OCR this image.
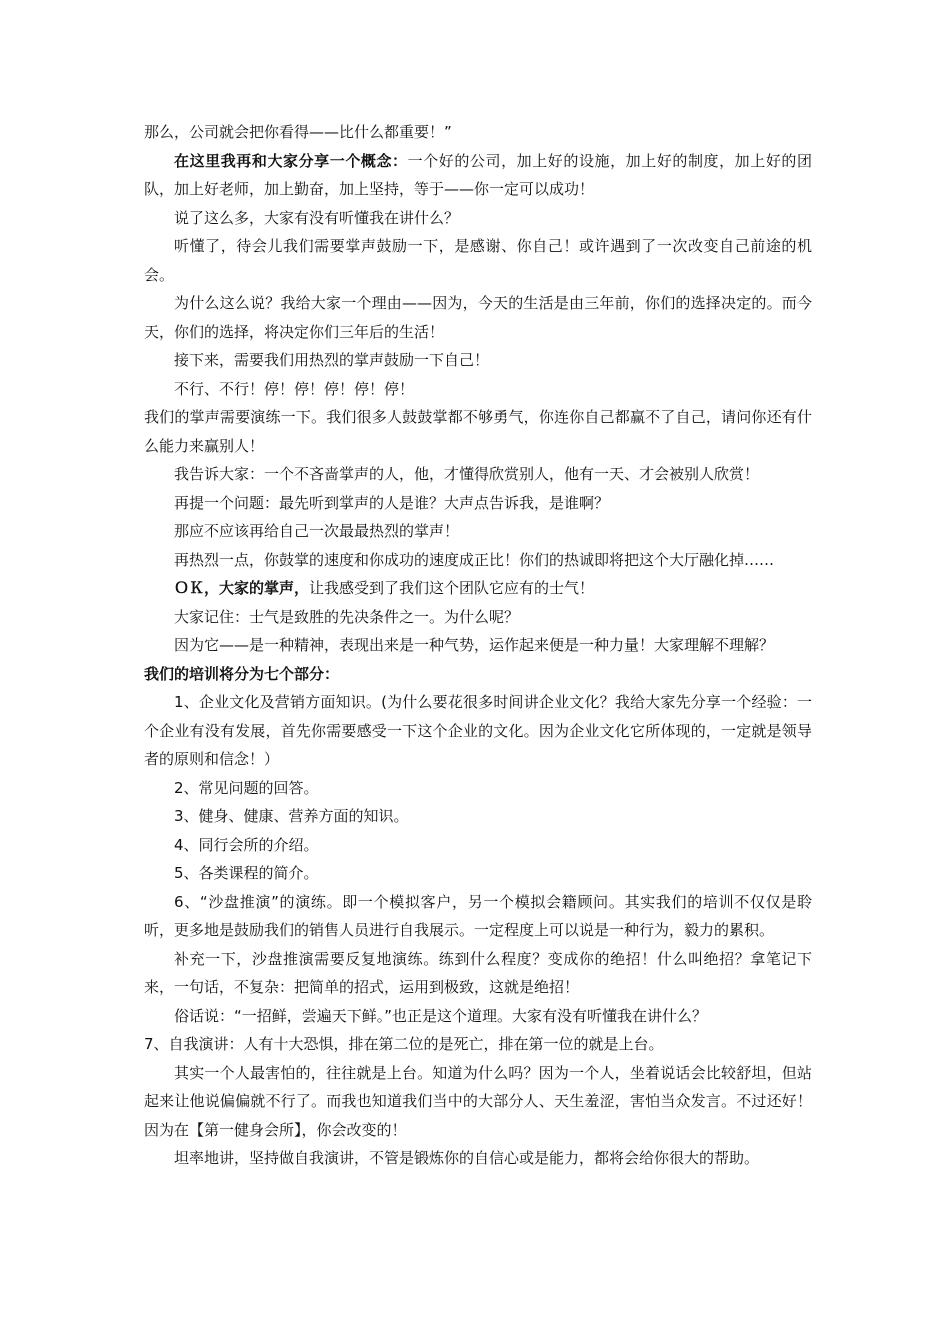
那么，公司就会把你看得——比什么都重要！”

在这里我再和大家分享一个概念：一个好的公司，加上好的设施，加上好的制度，加上好的团队，加上好老师，加上勤奋，加上坚持，等于——你一定可以成功！

说了这么多，大家有没有听懂我在讲什么？

听懂了，待会儿我们需要掌声鼓励一下，是感谢、你自己！或许遇到了一次改变自己前途的机会。

为什么这么说？我给大家一个理由——因为，今天的生活是由三年前，你们的选择决定的。而今天，你们的选择，将决定你们三年后的生活！

接下来，需要我们用热烈的掌声鼓励一下自己！

不行、不行！停！停！停！停！停！

我们的掌声需要演练一下。我们很多人鼓鼓掌都不够勇气，你连你自己都赢不了自己，请问你还有什么能力来赢别人！

我告诉大家：一个不吝啬掌声的人，他，才懂得欣赏别人，他有一天、才会被别人欣赏！

再提一个问题：最先听到掌声的人是谁？大声点告诉我，是谁啊？

那应不应该再给自己一次最最热烈的掌声！

再热烈一点，你鼓掌的速度和你成功的速度成正比！你们的热诚即将把这个大厅融化掉……

ＯＫ，大家的掌声，让我感受到了我们这个团队它应有的士气！

大家记住：士气是致胜的先决条件之一。为什么呢？

因为它——是一种精神，表现出来是一种气势，运作起来便是一种力量！大家理解不理解？

我们的培训将分为七个部分：

1、企业文化及营销方面知识。(为什么要花很多时间讲企业文化？我给大家先分享一个经验：一个企业有没有发展，首先你需要感受一下这个企业的文化。因为企业文化它所体现的，一定就是领导者的原则和信念！）

2、常见问题的回答。

3、健身、健康、营养方面的知识。

4、同行会所的介绍。

5、各类课程的简介。

6、“沙盘推演”的演练。即一个模拟客户，另一个模拟会籍顾问。其实我们的培训不仅仅是聆听，更多地是鼓励我们的销售人员进行自我展示。一定程度上可以说是一种行为，毅力的累积。

补充一下，沙盘推演需要反复地演练。练到什么程度？变成你的绝招！什么叫绝招？拿笔记下来，一句话，不复杂：把简单的招式，运用到极致，这就是绝招！

俗话说：“一招鲜，尝遍天下鲜。”也正是这个道理。大家有没有听懂我在讲什么？

7、自我演讲：人有十大恐惧，排在第二位的是死亡，排在第一位的就是上台。

其实一个人最害怕的，往往就是上台。知道为什么吗？因为一个人，坐着说话会比较舒坦，但站起来让他说偏偏就不行了。而我也知道我们当中的大部分人、天生羞涩，害怕当众发言。不过还好！因为在【第一健身会所】，你会改变的！

坦率地讲，坚持做自我演讲，不管是锻炼你的自信心或是能力，都将会给你很大的帮助。
